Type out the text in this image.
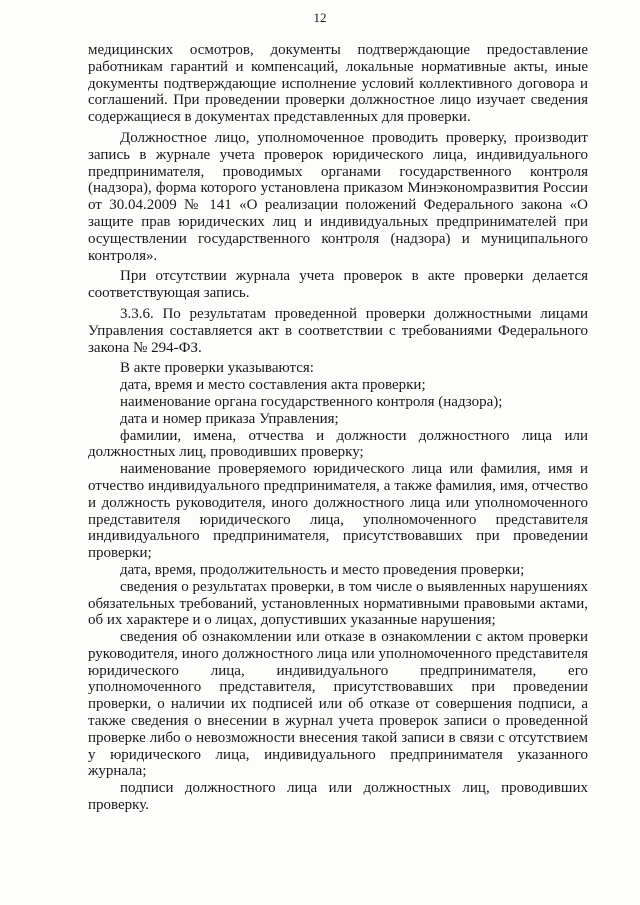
12

медицинских осмотров, документы подтверждающие предоставление работникам гарантий и компенсаций, локальные нормативные акты, иные документы подтверждающие исполнение условий коллективного договора и соглашений. При проведении проверки должностное лицо изучает сведения содержащиеся в документах представленных для проверки.

Должностное лицо, уполномоченное проводить проверку, производит запись в журнале учета проверок юридического лица, индивидуального предпринимателя, проводимых органами государственного контроля (надзора), форма которого установлена приказом Минэкономразвития России от 30.04.2009 № 141 «О реализации положений Федерального закона «О защите прав юридических лиц и индивидуальных предпринимателей при осуществлении государственного контроля (надзора) и муниципального контроля».

При отсутствии журнала учета проверок в акте проверки делается соответствующая запись.

3.3.6. По результатам проведенной проверки должностными лицами Управления составляется акт в соответствии с требованиями Федерального закона № 294-ФЗ.

В акте проверки указываются:

дата, время и место составления акта проверки;
наименование органа государственного контроля (надзора);
дата и номер приказа Управления;
фамилии, имена, отчества и должности должностного лица или должностных лиц, проводивших проверку;
наименование проверяемого юридического лица или фамилия, имя и отчество индивидуального предпринимателя, а также фамилия, имя, отчество и должность руководителя, иного должностного лица или уполномоченного представителя юридического лица, уполномоченного представителя индивидуального предпринимателя, присутствовавших при проведении проверки;
дата, время, продолжительность и место проведения проверки;
сведения о результатах проверки, в том числе о выявленных нарушениях обязательных требований, установленных нормативными правовыми актами, об их характере и о лицах, допустивших указанные нарушения;
сведения об ознакомлении или отказе в ознакомлении с актом проверки руководителя, иного должностного лица или уполномоченного представителя юридического лица, индивидуального предпринимателя, его уполномоченного представителя, присутствовавших при проведении проверки, о наличии их подписей или об отказе от совершения подписи, а также сведения о внесении в журнал учета проверок записи о проведенной проверке либо о невозможности внесения такой записи в связи с отсутствием у юридического лица, индивидуального предпринимателя указанного журнала;
подписи должностного лица или должностных лиц, проводивших проверку.
